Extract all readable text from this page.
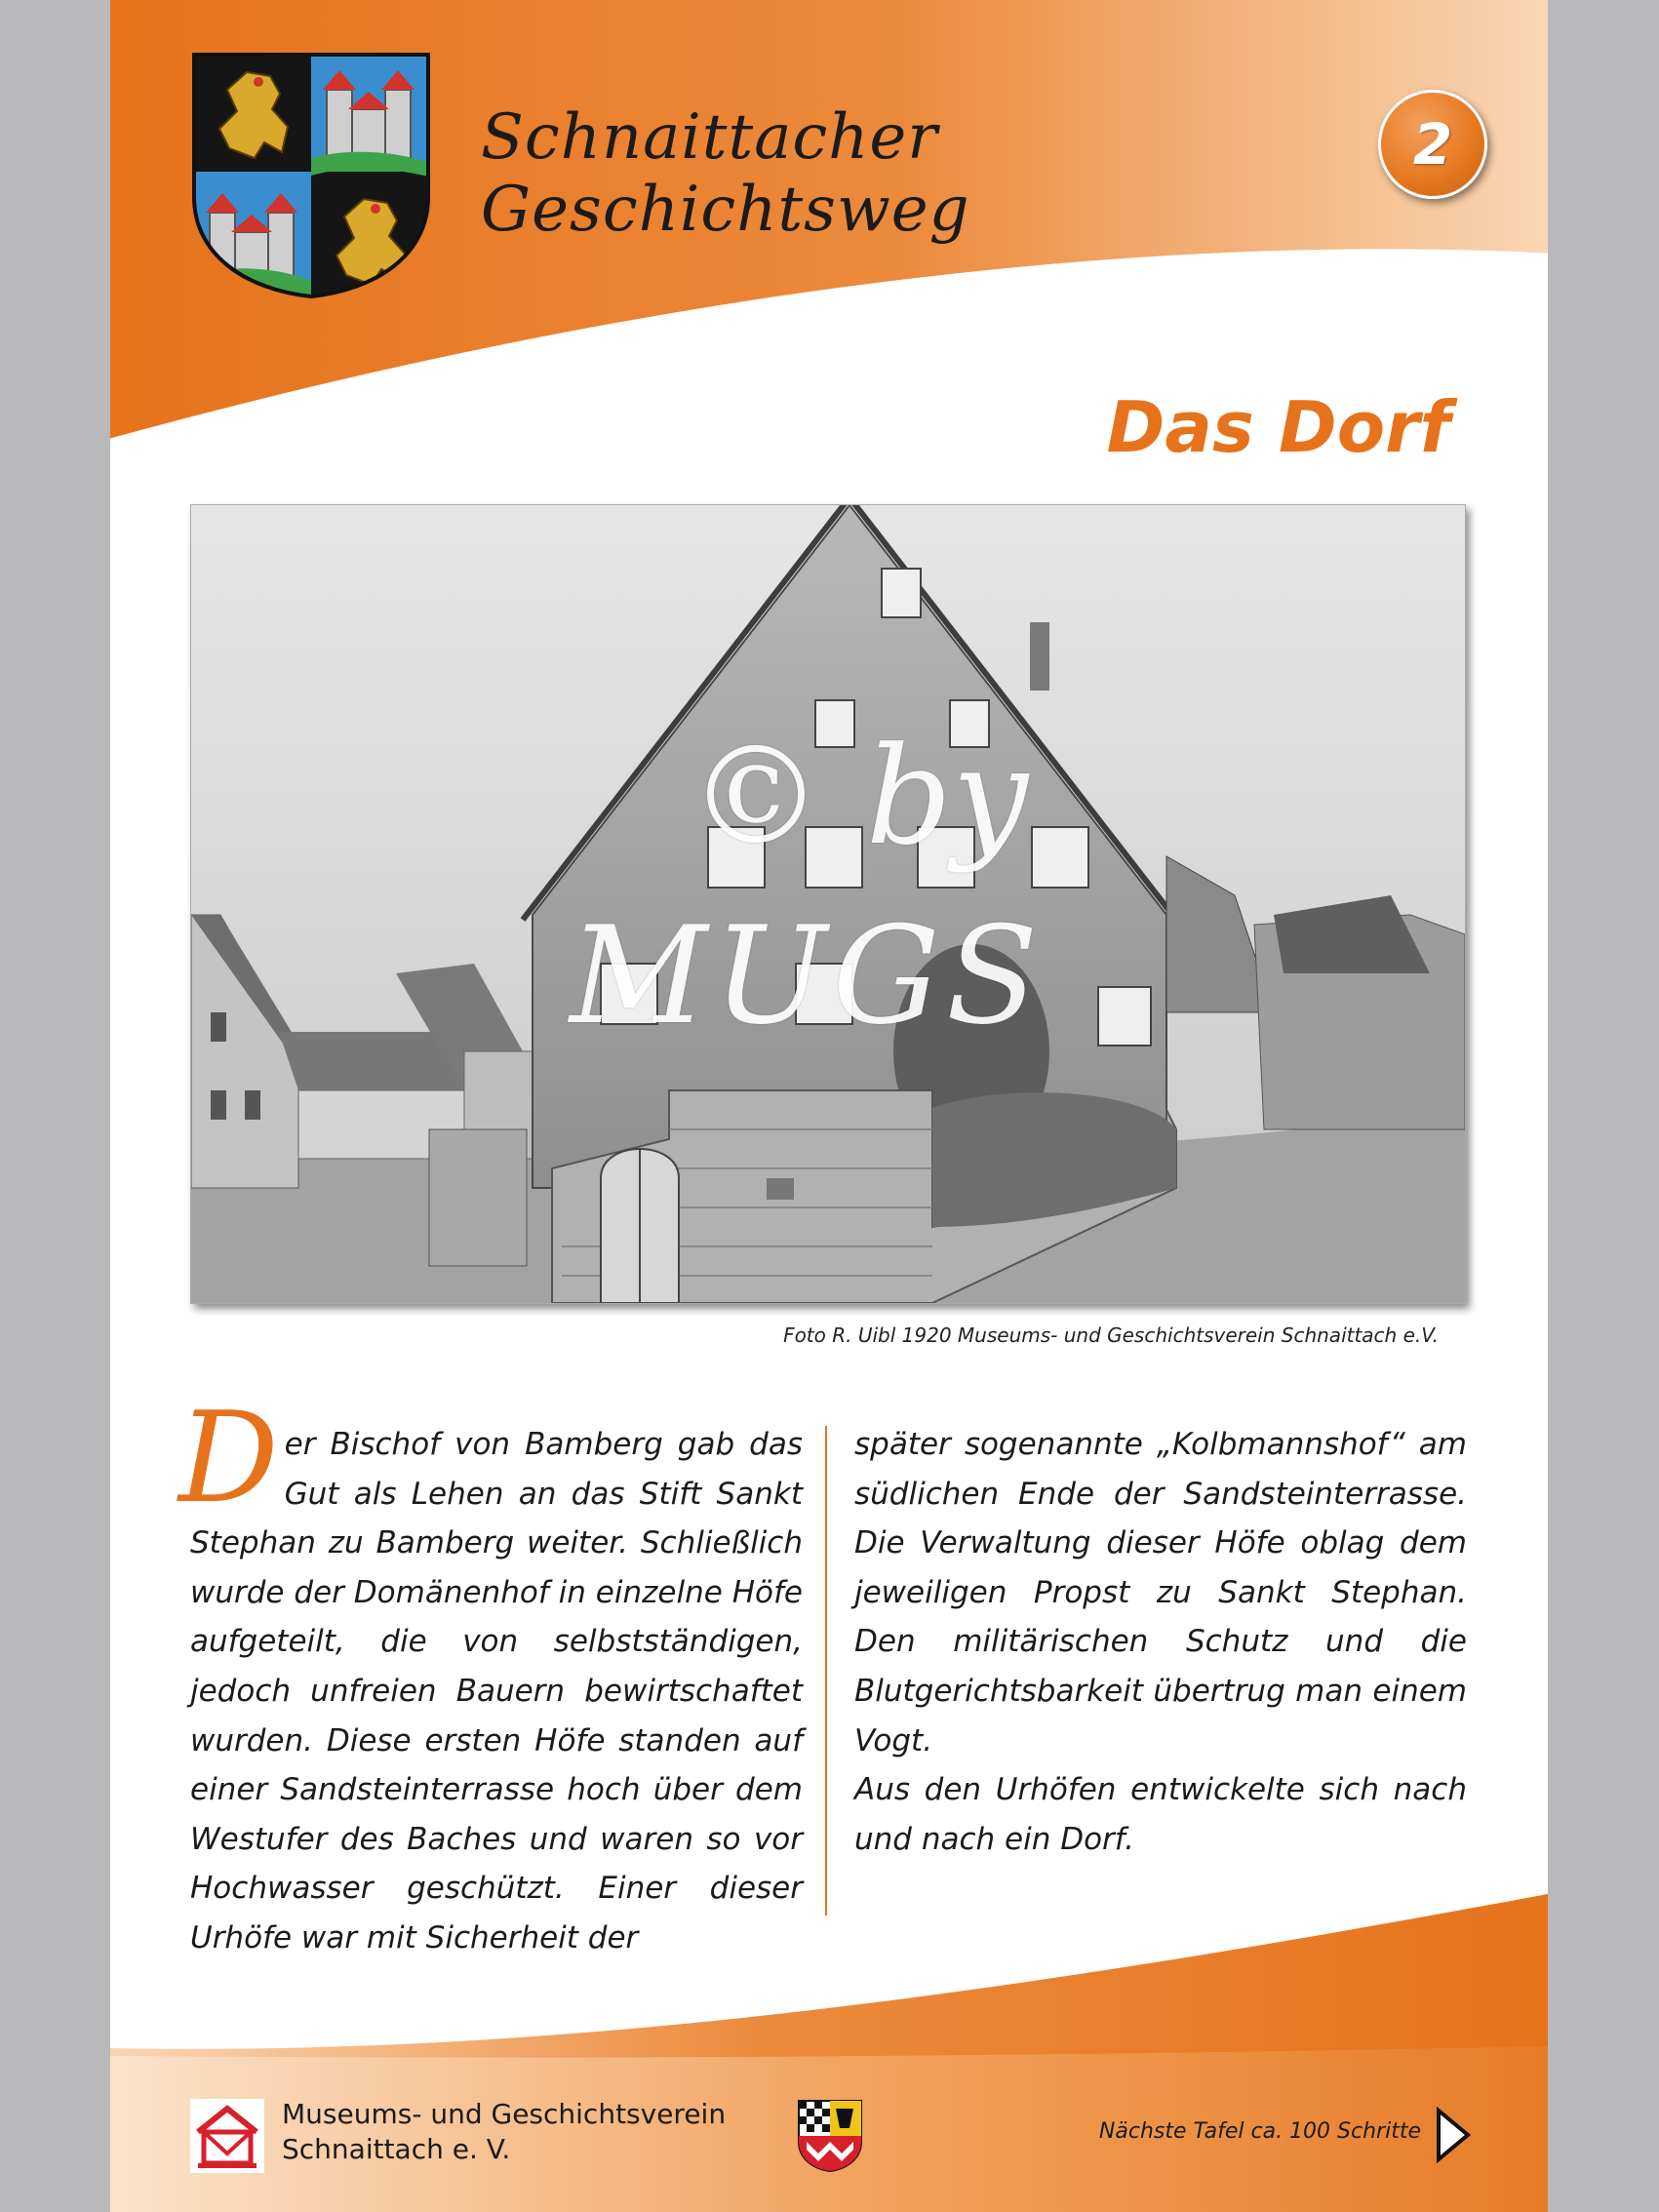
Schnaittacher Geschichtsweg
2
Das Dorf
© by
MUGS
Foto R. Uibl 1920 Museums- und Geschichtsverein Schnaittach e.V.
D er Bischof von Bamberg gab das Gut als Lehen an das Stift Sankt Stephan zu Bamberg weiter. Schließlich wurde der Domänenhof in einzelne Höfe aufgeteilt, die von selbstständigen, jedoch unfreien Bauern bewirtschaftet wurden. Diese ersten Höfe standen auf einer Sandsteinterrasse hoch über dem Westufer des Baches und waren so vor Hochwasser geschützt. Einer dieser Urhöfe war mit Sicherheit der

später sogenannte „Kolbmannshof“ am südlichen Ende der Sandsteinterrasse. Die Verwaltung dieser Höfe oblag dem jeweiligen Propst zu Sankt Stephan. Den militärischen Schutz und die Blutgerichtsbarkeit übertrug man einem Vogt.

Aus den Urhöfen entwickelte sich nach und nach ein Dorf.

Museums- und Geschichtsverein
Schnaittach e. V.
Nächste Tafel ca. 100 Schritte
